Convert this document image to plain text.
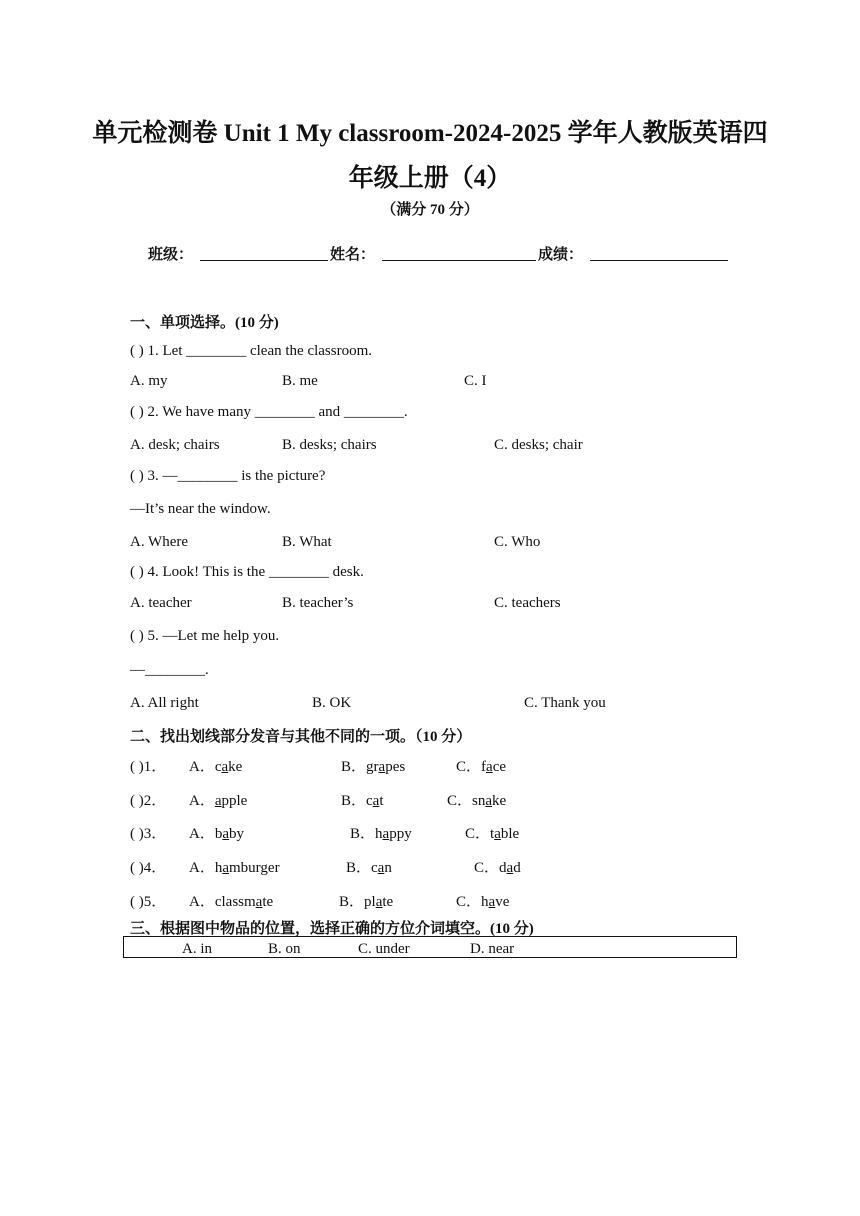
单元检测卷 Unit 1 My classroom-2024-2025 学年人教版英语四
年级上册（4）
（满分 70 分）
班级：	姓名：	成绩：
一、单项选择。(10 分)
( ) 1. Let ________ clean the classroom.
A. my	B. me	C. I
( ) 2. We have many ________ and ________.
A. desk; chairs	B. desks; chairs	C. desks; chair
( ) 3. —________ is the picture?
—It’s near the window.
A. Where	B. What	C. Who
( ) 4. Look! This is the ________ desk.
A. teacher	B. teacher’s	C. teachers
( ) 5. —Let me help you.
—________.
A. All right	B. OK	C. Thank you
二、找出划线部分发音与其他不同的一项。（10 分）
( )1． A．cake	B．grapes	C．face
( )2． A．apple	B．cat	C．snake
( )3． A．baby	B．happy	C．table
( )4． A．hamburger	B．can	C．dad
( )5． A．classmate	B．plate	C．have
三、根据图中物品的位置，选择正确的方位介词填空。(10 分)
A. in	B. on	C. under	D. near
